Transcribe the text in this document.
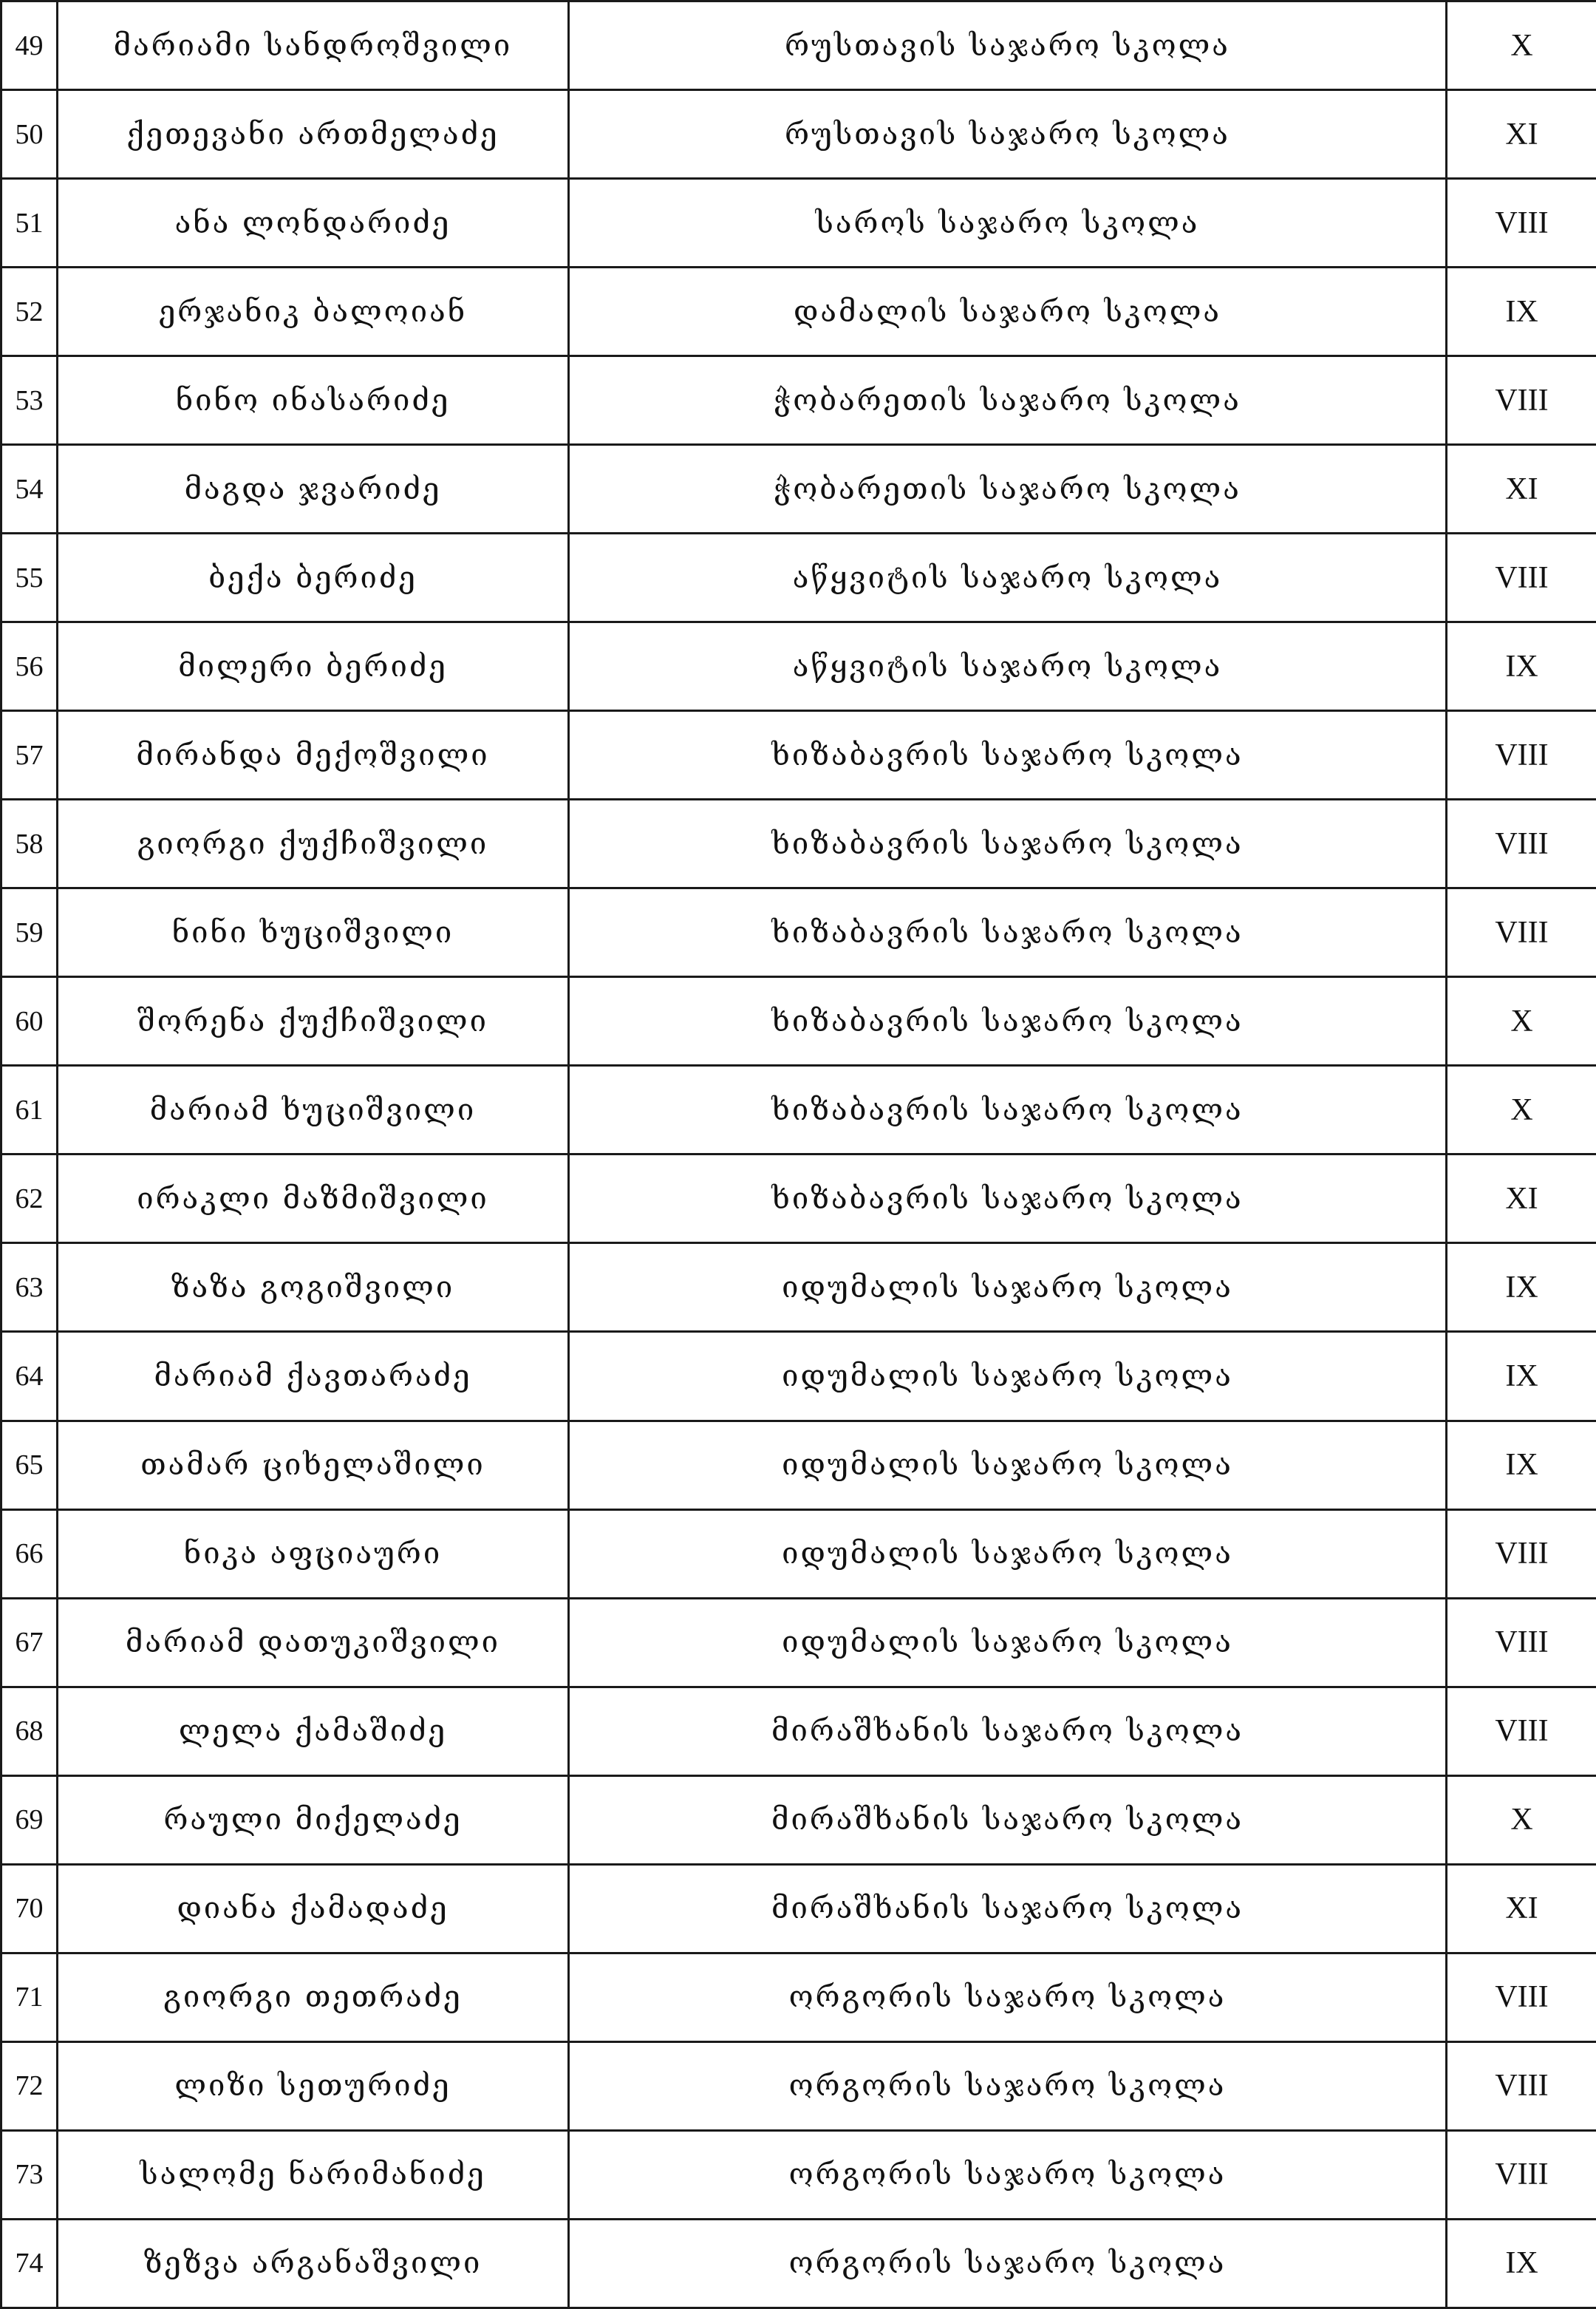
49	მარიამი სანდროშვილი	რუსთავის საჯარო სკოლა	X
50	ქეთევანი ართმელაძე	რუსთავის საჯარო სკოლა	XI
51	ანა ლონდარიძე	საროს საჯარო სკოლა	VIII
52	ერჯანიკ ბალოიან	დამალის საჯარო სკოლა	IX
53	ნინო ინასარიძე	ჭობარეთის საჯარო სკოლა	VIII
54	მაგდა ჯვარიძე	ჭობარეთის საჯარო სკოლა	XI
55	ბექა ბერიძე	აწყვიტის საჯარო სკოლა	VIII
56	მილერი ბერიძე	აწყვიტის საჯარო სკოლა	IX
57	მირანდა მექოშვილი	ხიზაბავრის საჯარო სკოლა	VIII
58	გიორგი ქუქჩიშვილი	ხიზაბავრის საჯარო სკოლა	VIII
59	ნინი ხუციშვილი	ხიზაბავრის საჯარო სკოლა	VIII
60	შორენა ქუქჩიშვილი	ხიზაბავრის საჯარო სკოლა	X
61	მარიამ ხუციშვილი	ხიზაბავრის საჯარო სკოლა	X
62	ირაკლი მაზმიშვილი	ხიზაბავრის საჯარო სკოლა	XI
63	ზაზა გოგიშვილი	იდუმალის საჯარო სკოლა	IX
64	მარიამ ქავთარაძე	იდუმალის საჯარო სკოლა	IX
65	თამარ ციხელაშილი	იდუმალის საჯარო სკოლა	IX
66	ნიკა აფციაური	იდუმალის საჯარო სკოლა	VIII
67	მარიამ დათუკიშვილი	იდუმალის საჯარო სკოლა	VIII
68	ლელა ქამაშიძე	მირაშხანის საჯარო სკოლა	VIII
69	რაული მიქელაძე	მირაშხანის საჯარო სკოლა	X
70	დიანა ქამადაძე	მირაშხანის საჯარო სკოლა	XI
71	გიორგი თეთრაძე	ორგორის საჯარო სკოლა	VIII
72	ლიზი სეთურიძე	ორგორის საჯარო სკოლა	VIII
73	სალომე ნარიმანიძე	ორგორის საჯარო სკოლა	VIII
74	ზეზვა არგანაშვილი	ორგორის საჯარო სკოლა	IX
